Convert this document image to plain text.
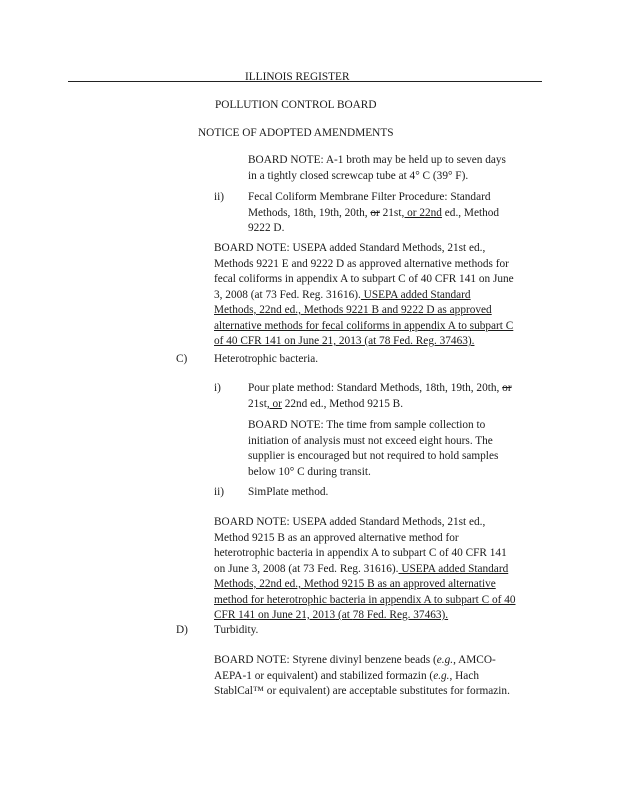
ILLINOIS REGISTER
POLLUTION CONTROL BOARD
NOTICE OF ADOPTED AMENDMENTS
BOARD NOTE: A-1 broth may be held up to seven days
in a tightly closed screwcap tube at 4° C (39° F).
ii) Fecal Coliform Membrane Filter Procedure: Standard
Methods, 18th, 19th, 20th, or 21st, or 22nd ed., Method
9222 D.
BOARD NOTE: USEPA added Standard Methods, 21st ed.,
Methods 9221 E and 9222 D as approved alternative methods for
fecal coliforms in appendix A to subpart C of 40 CFR 141 on June
3, 2008 (at 73 Fed. Reg. 31616). USEPA added Standard
Methods, 22nd ed., Methods 9221 B and 9222 D as approved
alternative methods for fecal coliforms in appendix A to subpart C
of 40 CFR 141 on June 21, 2013 (at 78 Fed. Reg. 37463).
C) Heterotrophic bacteria.
i) Pour plate method: Standard Methods, 18th, 19th, 20th, or
21st, or 22nd ed., Method 9215 B.
BOARD NOTE: The time from sample collection to
initiation of analysis must not exceed eight hours. The
supplier is encouraged but not required to hold samples
below 10° C during transit.
ii) SimPlate method.
BOARD NOTE: USEPA added Standard Methods, 21st ed.,
Method 9215 B as an approved alternative method for
heterotrophic bacteria in appendix A to subpart C of 40 CFR 141
on June 3, 2008 (at 73 Fed. Reg. 31616). USEPA added Standard
Methods, 22nd ed., Method 9215 B as an approved alternative
method for heterotrophic bacteria in appendix A to subpart C of 40
CFR 141 on June 21, 2013 (at 78 Fed. Reg. 37463).
D) Turbidity.
BOARD NOTE: Styrene divinyl benzene beads (e.g., AMCO-
AEPA-1 or equivalent) and stabilized formazin (e.g., Hach
StablCal™ or equivalent) are acceptable substitutes for formazin.
